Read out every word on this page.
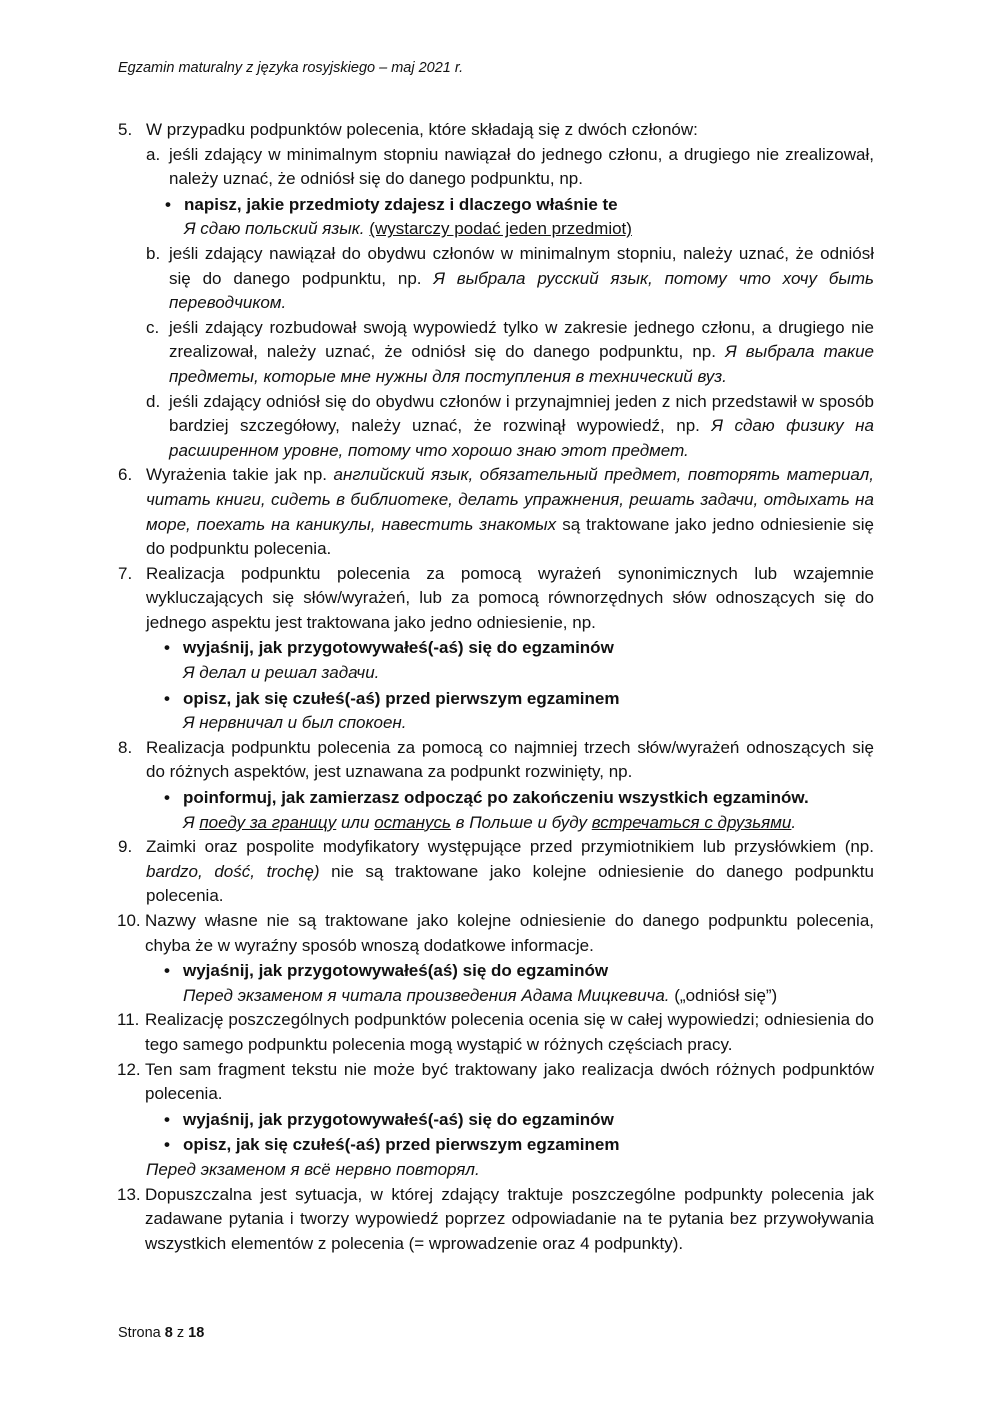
Egzamin maturalny z języka rosyjskiego – maj 2021 r.
5. W przypadku podpunktów polecenia, które składają się z dwóch członów:
a. jeśli zdający w minimalnym stopniu nawiązał do jednego członu, a drugiego nie zrealizował, należy uznać, że odniósł się do danego podpunktu, np.
• napisz, jakie przedmioty zdajesz i dlaczego właśnie te
Я сдаю польский язык. (wystarczy podać jeden przedmiot)
b. jeśli zdający nawiązał do obydwu członów w minimalnym stopniu, należy uznać, że odniósł się do danego podpunktu, np. Я выбрала русский язык, потому что хочу быть переводчиком.
c. jeśli zdający rozbudował swoją wypowiedź tylko w zakresie jednego członu, a drugiego nie zrealizował, należy uznać, że odniósł się do danego podpunktu, np. Я выбрала такие предметы, которые мне нужны для поступления в технический вуз.
d. jeśli zdający odniósł się do obydwu członów i przynajmniej jeden z nich przedstawił w sposób bardziej szczegółowy, należy uznać, że rozwinął wypowiedź, np. Я сдаю физику на расширенном уровне, потому что хорошо знаю этот предмет.
6. Wyrażenia takie jak np. английский язык, обязательный предмет, повторять материал, читать книги, сидеть в библиотеке, делать упражнения, решать задачи, отдыхать на море, поехать на каникулы, навестить знакомых są traktowane jako jedno odniesienie się do podpunktu polecenia.
7. Realizacja podpunktu polecenia za pomocą wyrażeń synonimicznych lub wzajemnie wykluczających się słów/wyrażeń, lub za pomocą równorzędnych słów odnoszących się do jednego aspektu jest traktowana jako jedno odniesienie, np.
• wyjaśnij, jak przygotowywałeś(-aś) się do egzaminów
Я делал и решал задачи.
• opisz, jak się czułeś(-aś) przed pierwszym egzaminem
Я нервничал и был спокоен.
8. Realizacja podpunktu polecenia za pomocą co najmniej trzech słów/wyrażeń odnoszących się do różnych aspektów, jest uznawana za podpunkt rozwinięty, np.
• poinformuj, jak zamierzasz odpocząć po zakończeniu wszystkich egzaminów.
Я поеду за границу или останусь в Польше и буду встречаться с друзьями.
9. Zaimki oraz pospolite modyfikatory występujące przed przymiotnikiem lub przysłówkiem (np. bardzo, dość, trochę) nie są traktowane jako kolejne odniesienie do danego podpunktu polecenia.
10. Nazwy własne nie są traktowane jako kolejne odniesienie do danego podpunktu polecenia, chyba że w wyraźny sposób wnoszą dodatkowe informacje.
• wyjaśnij, jak przygotowywałeś(aś) się do egzaminów
Перед экзаменом я читала произведения Адама Мицкевича. („odniósł się”)
11. Realizację poszczególnych podpunktów polecenia ocenia się w całej wypowiedzi; odniesienia do tego samego podpunktu polecenia mogą wystąpić w różnych częściach pracy.
12. Ten sam fragment tekstu nie może być traktowany jako realizacja dwóch różnych podpunktów polecenia.
• wyjaśnij, jak przygotowywałeś(-aś) się do egzaminów
• opisz, jak się czułeś(-aś) przed pierwszym egzaminem
Перед экзаменом я всё нервно повторял.
13. Dopuszczalna jest sytuacja, w której zdający traktuje poszczególne podpunkty polecenia jak zadawane pytania i tworzy wypowiedź poprzez odpowiadanie na te pytania bez przywoływania wszystkich elementów z polecenia (= wprowadzenie oraz 4 podpunkty).
Strona 8 z 18
